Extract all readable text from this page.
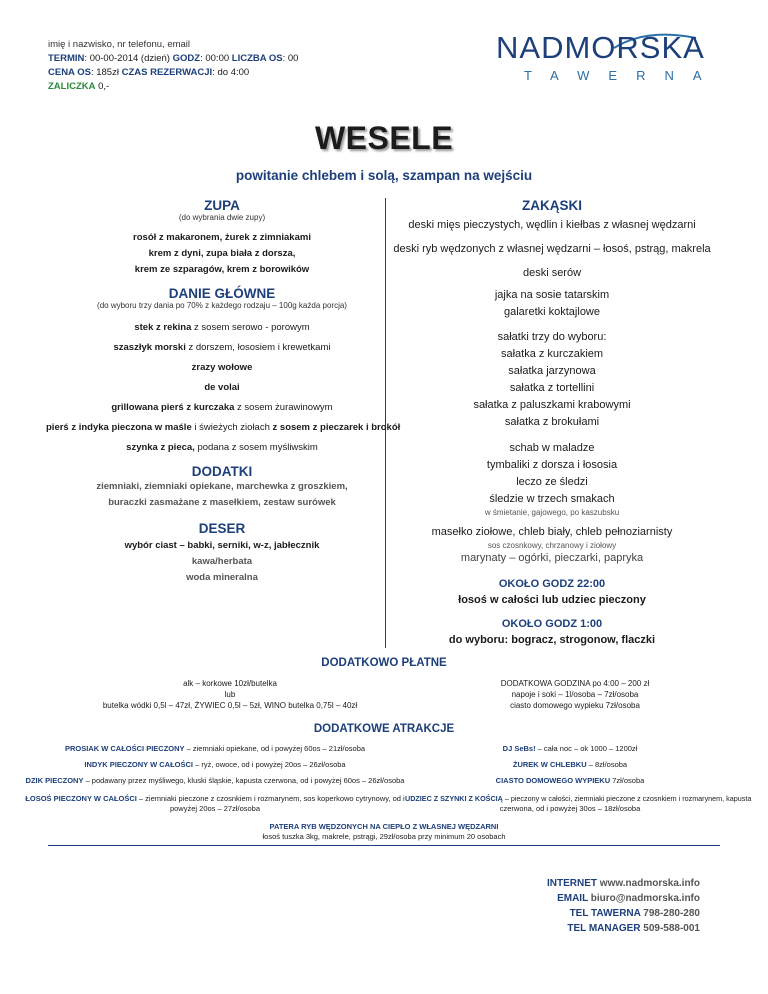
imię i nazwisko, nr telefonu, email
TERMIN: 00-00-2014 (dzień) GODZ: 00:00 LICZBA OS: 00
CENA OS: 185zł CZAS REZERWACJI: do 4:00
ZALICZKA 0,-
NADMORSKA
TAWERNA
WESELE
powitanie chlebem i solą, szampan na wejściu
ZUPA
(do wybrania dwie zupy)
rosół z makaronem, żurek z zimniakami
krem z dyni, zupa biała z dorsza,
krem ze szparagów, krem z borowików
DANIE GŁÓWNE
(do wyboru trzy dania po 70% z każdego rodzaju – 100g każda porcja)
stek z rekina z sosem serowo - porowym
szaszłyk morski z dorszem, łososiem i krewetkami
zrazy wołowe
de volai
grillowana pierś z kurczaka z sosem żurawinowym
pierś z indyka pieczona w maśle i świeżych ziołach z sosem z pieczarek i brokół
szynka z pieca, podana z sosem myśliwskim
DODATKI
ziemniaki, ziemniaki opiekane, marchewka z groszkiem,
buraczki zasmażane z masełkiem, zestaw surówek
DESER
wybór ciast – babki, serniki, w-z, jabłecznik
kawa/herbata
woda mineralna
ZAKĄSKI
deski mięs pieczystych, wędlin i kiełbas z własnej wędzarni
deski ryb wędzonych z własnej wędzarni – łosoś, pstrąg, makrela
deski serów
jajka na sosie tatarskim
galaretki koktajlowe
sałatki trzy do wyboru:
sałatka z kurczakiem
sałatka jarzynowa
sałatka z tortellini
sałatka z paluszkami krabowymi
sałatka z brokułami
schab w maladze
tymbaliki z dorsza i łososia
leczo ze śledzi
śledzie w trzech smakach
w śmietanie, gajowego, po kaszubsku
masełko ziołowe, chleb biały, chleb pełnoziarnisty
sos czosnkowy, chrzanowy i ziołowy
marynaty – ogórki, pieczarki, papryka
OKOŁO GODZ 22:00
łosoś w całości lub udziec pieczony
OKOŁO GODZ 1:00
do wyboru: bogracz, strogonow, flaczki
DODATKOWO PŁATNE
alk – korkowe 10zł/butelka
lub
butelka wódki 0,5l – 47zł, ŻYWIEC 0,5l – 5zł, WINO butelka 0,75l – 40zł
DODATKOWA GODZINA po 4:00 – 200 zł
napoje i soki – 1l/osoba – 7zł/osoba
ciasto domowego wypieku 7zł/osoba
DODATKOWE ATRAKCJE
PROSIAK W CAŁOŚCI PIECZONY – ziemniaki opiekane, od i powyżej 60os – 21zł/osoba
INDYK PIECZONY W CAŁOŚCI – ryż, owoce, od i powyżej 20os – 26zł/osoba
DZIK PIECZONY – podawany przez myśliwego, kluski śląskie, kapusta czerwona, od i powyżej 60os – 26zł/osoba
ŁOSOŚ PIECZONY W CAŁOŚCI – ziemniaki pieczone z czosnkiem i rozmarynem, sos koperkowo cytrynowy, od i
powyżej 20os – 27zł/osoba
DJ SeBs! – cała noc – ok 1000 – 1200zł
ŻUREK W CHLEBKU – 8zł/osoba
CIASTO DOMOWEGO WYPIEKU 7zł/osoba
UDZIEC Z SZYNKI Z KOŚCIĄ – pieczony w całości, ziemniaki pieczone z czosnkiem i rozmarynem, kapusta
czerwona, od i powyżej 30os – 18zł/osoba
PATERA RYB WĘDZONYCH NA CIEPŁO Z WŁASNEJ WĘDZARNI
łosoś tuszka 3kg, makrele, pstrągi, 29zł/osoba przy minimum 20 osobach
INTERNET www.nadmorska.info
EMAIL biuro@nadmorska.info
TEL TAWERNA 798-280-280
TEL MANAGER 509-588-001
